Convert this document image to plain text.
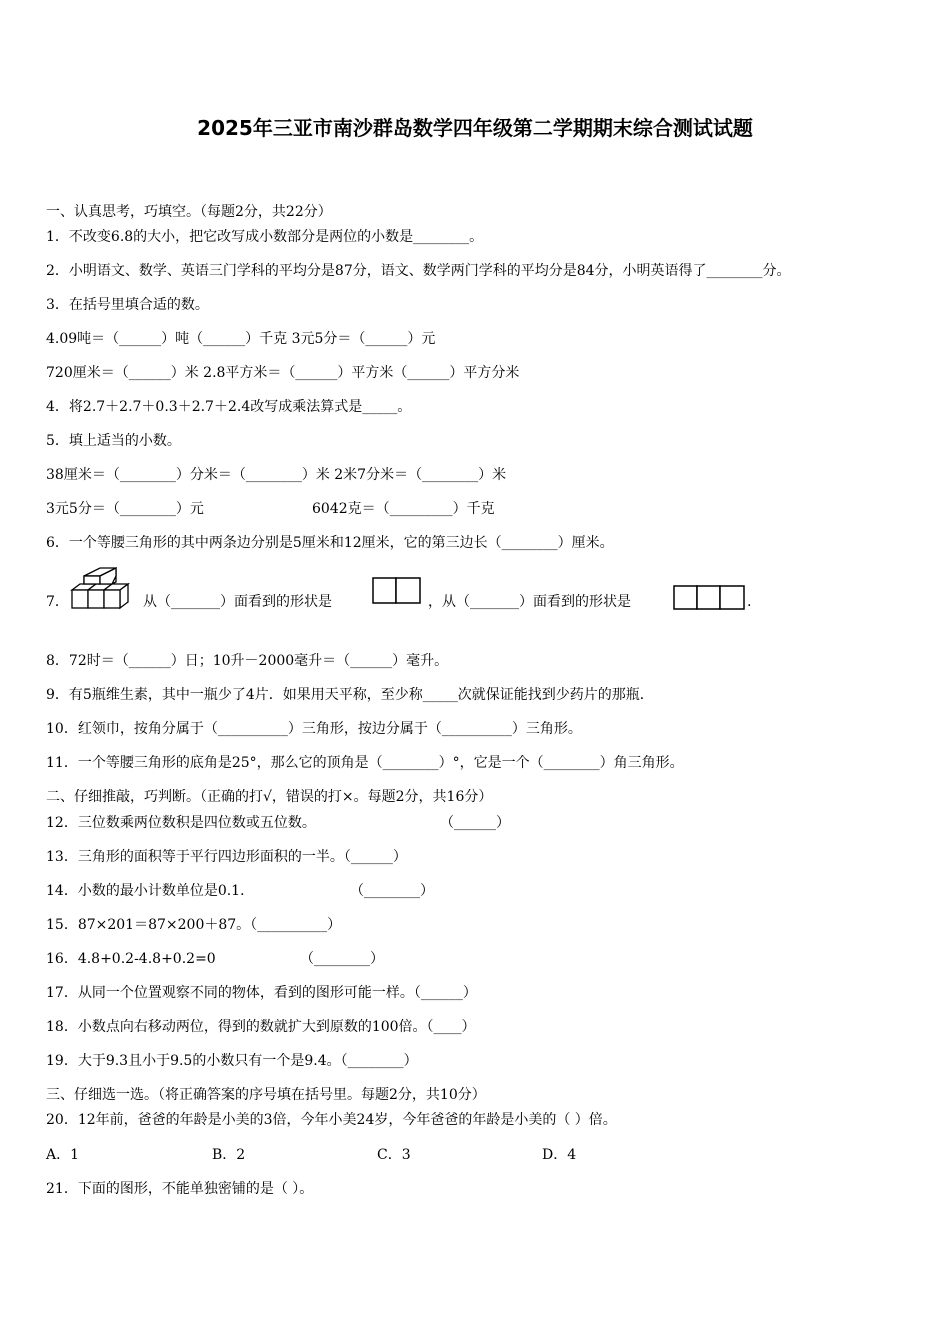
2025年三亚市南沙群岛数学四年级第二学期期末综合测试试题
一、认真思考，巧填空。（每题2分，共22分）
1．不改变6.8的大小，把它改写成小数部分是两位的小数是________。
2．小明语文、数学、英语三门学科的平均分是87分，语文、数学两门学科的平均分是84分，小明英语得了________分。
3．在括号里填合适的数。
4.09吨＝（______）吨（______）千克 3元5分＝（______）元
720厘米＝（______）米 2.8平方米＝（______）平方米（______）平方分米
4．将2.7＋2.7＋0.3＋2.7＋2.4改写成乘法算式是_____。
5．填上适当的小数。
38厘米＝（________）分米＝（________）米 2米7分米＝（________）米
3元5分＝（________）元	6042克＝（_________）千克
6．一个等腰三角形的其中两条边分别是5厘米和12厘米，它的第三边长（________）厘米。
7．	从（_______）面看到的形状是	，从（_______）面看到的形状是	.
8．72时＝（______）日；10升－2000毫升＝（______）毫升。
9．有5瓶维生素，其中一瓶少了4片．如果用天平称，至少称_____次就保证能找到少药片的那瓶．
10．红领巾，按角分属于（__________）三角形，按边分属于（__________）三角形。
11．一个等腰三角形的底角是25°，那么它的顶角是（________）°，它是一个（________）角三角形。
二、仔细推敲，巧判断。（正确的打√，错误的打×。每题2分，共16分）
12．三位数乘两位数积是四位数或五位数。	（______）
13．三角形的面积等于平行四边形面积的一半。（______）
14．小数的最小计数单位是0.1．	（________）
15．87×201＝87×200＋87。（__________）
16．4.8+0.2-4.8+0.2=0	（________）
17．从同一个位置观察不同的物体，看到的图形可能一样。（______）
18．小数点向右移动两位，得到的数就扩大到原数的100倍。（____）
19．大于9.3且小于9.5的小数只有一个是9.4。（________）
三、仔细选一选。（将正确答案的序号填在括号里。每题2分，共10分）
20．12年前，爸爸的年龄是小美的3倍，今年小美24岁，今年爸爸的年龄是小美的（ ）倍。
A．1	B．2	C．3	D．4
21．下面的图形，不能单独密铺的是（ ）。
